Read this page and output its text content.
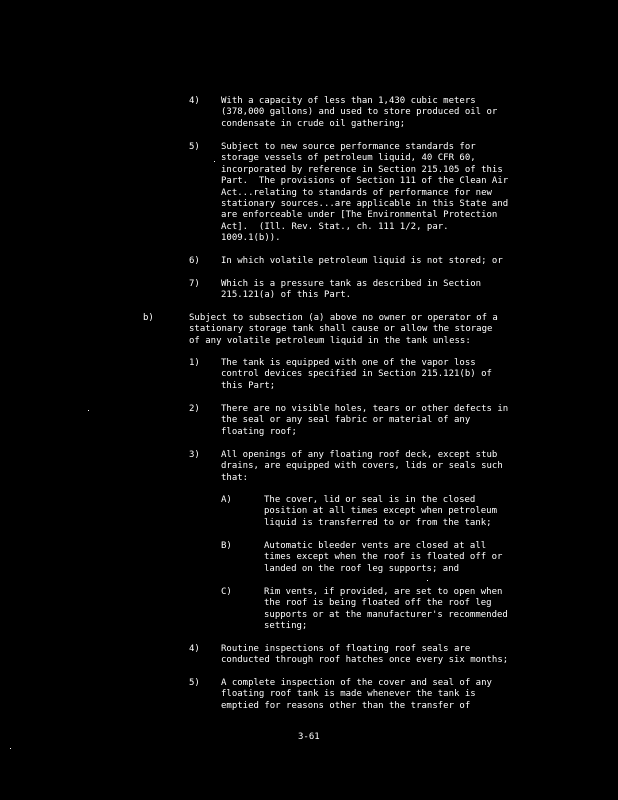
4) With a capacity of less than 1,430 cubic meters
(378,000 gallons) and used to store produced oil or
condensate in crude oil gathering;
5) Subject to new source performance standards for
storage vessels of petroleum liquid, 40 CFR 60,
incorporated by reference in Section 215.105 of this
Part.  The provisions of Section 111 of the Clean Air
Act...relating to standards of performance for new
stationary sources...are applicable in this State and
are enforceable under [The Environmental Protection
Act].  (Ill. Rev. Stat., ch. 111 1/2, par.
1009.1(b)).
6) In which volatile petroleum liquid is not stored; or
7) Which is a pressure tank as described in Section
215.121(a) of this Part.
b)	Subject to subsection (a) above no owner or operator of a
stationary storage tank shall cause or allow the storage
of any volatile petroleum liquid in the tank unless:
1) The tank is equipped with one of the vapor loss
control devices specified in Section 215.121(b) of
this Part;
2) There are no visible holes, tears or other defects in
the seal or any seal fabric or material of any
floating roof;
3) All openings of any floating roof deck, except stub
drains, are equipped with covers, lids or seals such
that:
A)	The cover, lid or seal is in the closed
position at all times except when petroleum
liquid is transferred to or from the tank;
B)	Automatic bleeder vents are closed at all
times except when the roof is floated off or
landed on the roof leg supports; and
C)	Rim vents, if provided, are set to open when
the roof is being floated off the roof leg
supports or at the manufacturer's recommended
setting;
4) Routine inspections of floating roof seals are
conducted through roof hatches once every six months;
5) A complete inspection of the cover and seal of any
floating roof tank is made whenever the tank is
emptied for reasons other than the transfer of
3-61
